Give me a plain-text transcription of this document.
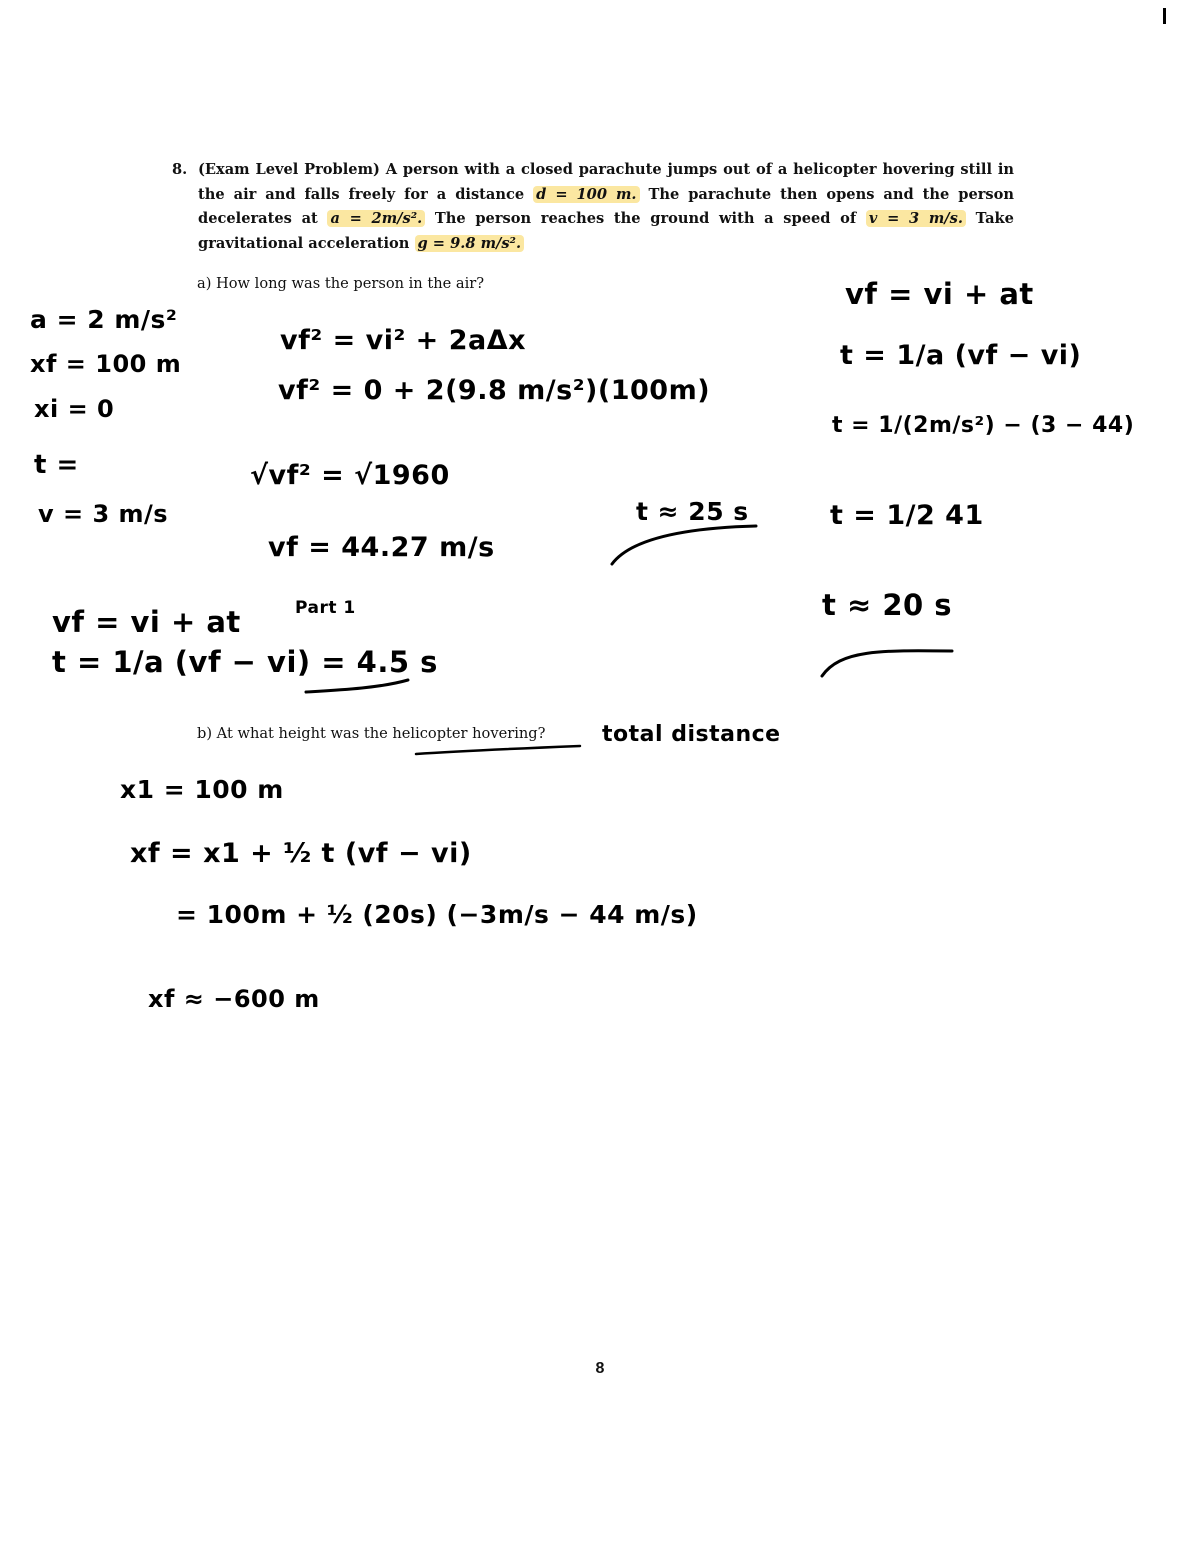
8. (Exam Level Problem) A person with a closed parachute jumps out of a helicopter hovering still in the air and falls freely for a distance d = 100 m. The parachute then opens and the person decelerates at a = 2m/s². The person reaches the ground with a speed of v = 3 m/s. Take gravitational acceleration g = 9.8 m/s².
a) How long was the person in the air?
b) At what height was the helicopter hovering?
a = 2 m/s²
xf = 100 m
xi = 0
t =
v = 3 m/s
vf² = vi² + 2aΔx
vf² = 0 + 2(9.8 m/s²)(100m)
√vf² = √1960
vf = 44.27 m/s
Part 1
vf = vi + at
t = 1/a (vf − vi) = 4.5 s
t ≈ 25 s
vf = vi + at
t = 1/a (vf − vi)
t = 1/(2m/s²) − (3 − 44)
t = 1/2 41
t ≈ 20 s
total distance
x1 = 100 m
xf = x1 + ½ t (vf − vi)
= 100m + ½ (20s) (−3m/s − 44 m/s)
xf ≈ −600 m
8
